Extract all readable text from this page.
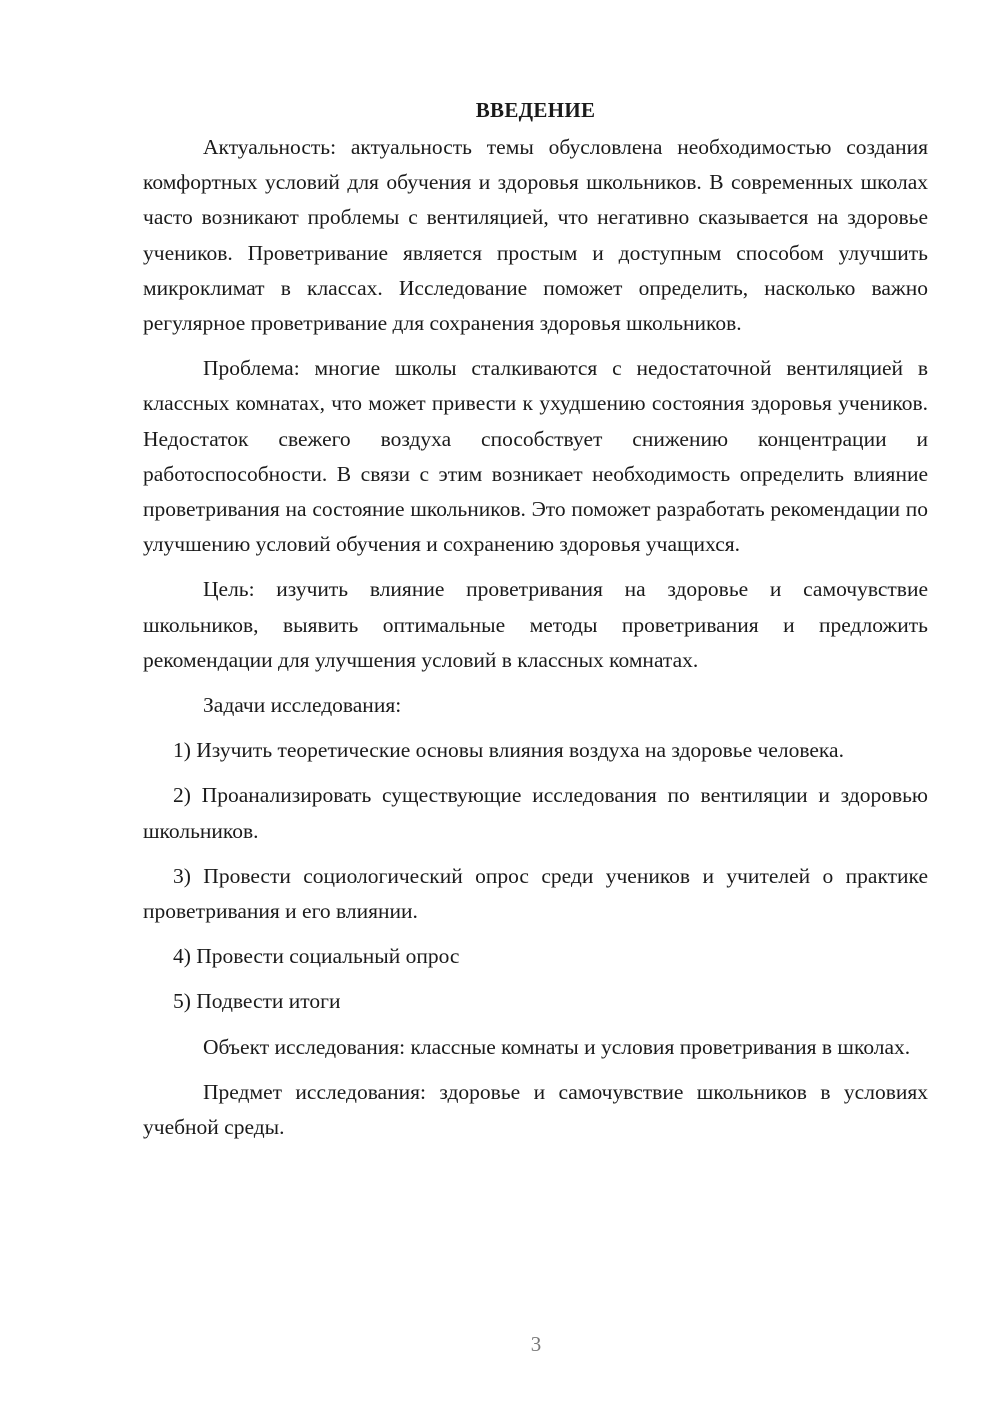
ВВЕДЕНИЕ

Актуальность: актуальность темы обусловлена необходимостью создания комфортных условий для обучения и здоровья школьников. В современных школах часто возникают проблемы с вентиляцией, что негативно сказывается на здоровье учеников. Проветривание является простым и доступным способом улучшить микроклимат в классах. Исследование поможет определить, насколько важно регулярное проветривание для сохранения здоровья школьников.

Проблема: многие школы сталкиваются с недостаточной вентиляцией в классных комнатах, что может привести к ухудшению состояния здоровья учеников. Недостаток свежего воздуха способствует снижению концентрации и работоспособности. В связи с этим возникает необходимость определить влияние проветривания на состояние школьников. Это поможет разработать рекомендации по улучшению условий обучения и сохранению здоровья учащихся.

Цель: изучить влияние проветривания на здоровье и самочувствие школьников, выявить оптимальные методы проветривания и предложить рекомендации для улучшения условий в классных комнатах.

Задачи исследования:

1) Изучить теоретические основы влияния воздуха на здоровье человека.

2) Проанализировать существующие исследования по вентиляции и здоровью школьников.

3) Провести социологический опрос среди учеников и учителей о практике проветривания и его влиянии.

4) Провести социальный опрос

5) Подвести итоги

Объект исследования: классные комнаты и условия проветривания в школах.

Предмет исследования: здоровье и самочувствие школьников в условиях учебной среды.

3
